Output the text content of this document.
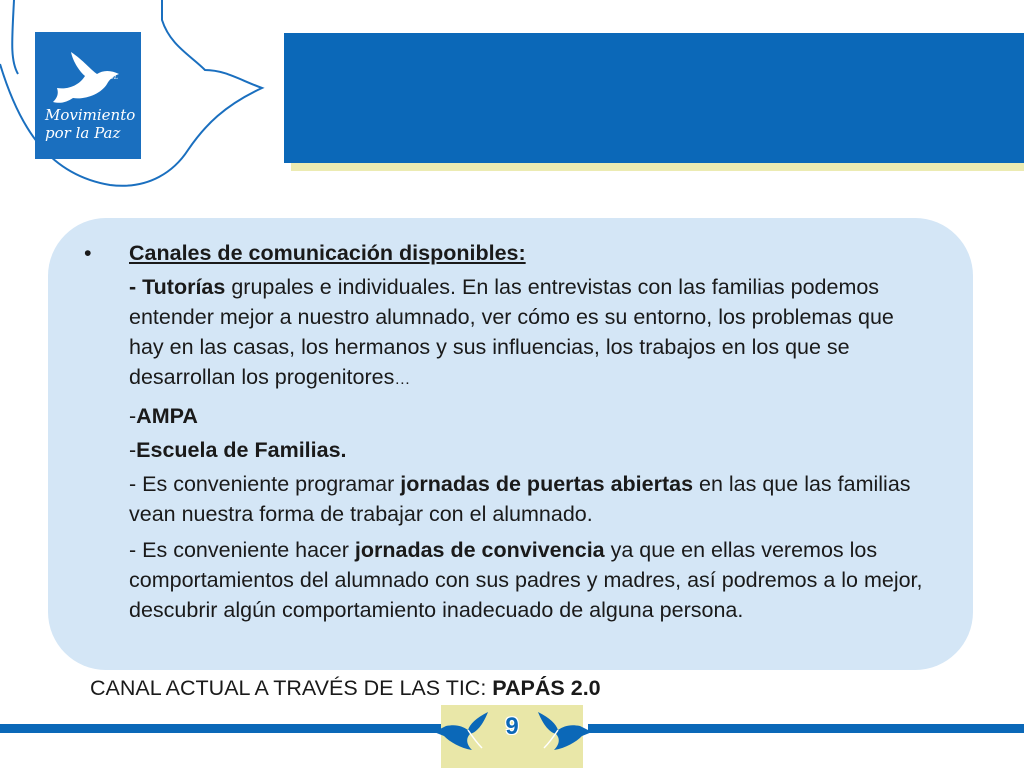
MPDL
Movimiento
por la Paz
• Canales de comunicación disponibles:
- Tutorías grupales e individuales. En las entrevistas con las familias podemos entender mejor a nuestro alumnado, ver cómo es su entorno, los problemas que hay en las casas, los hermanos y sus influencias, los trabajos en los que se desarrollan los progenitores…
-AMPA
-Escuela de Familias.
- Es conveniente programar jornadas de puertas abiertas en las que las familias vean nuestra forma de trabajar con el alumnado.
- Es conveniente hacer jornadas de convivencia ya que en ellas veremos los comportamientos del alumnado con sus padres y madres, así podremos a lo mejor, descubrir algún comportamiento inadecuado de alguna persona.
CANAL ACTUAL A TRAVÉS DE LAS TIC: PAPÁS 2.0
9
